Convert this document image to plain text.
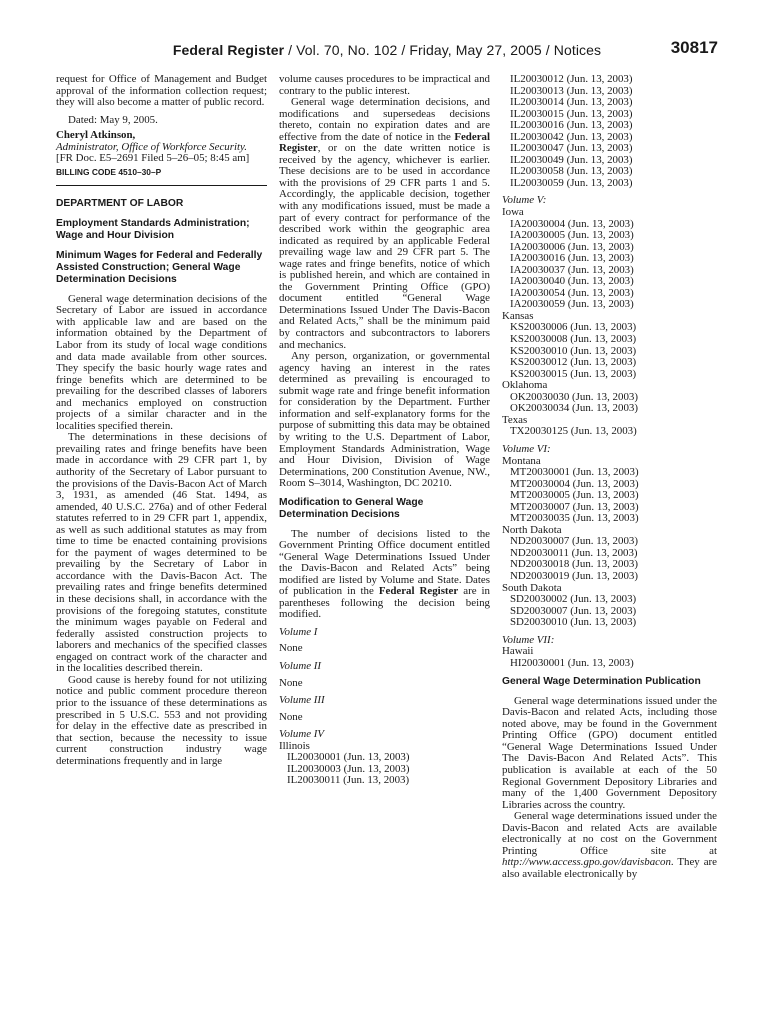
Federal Register / Vol. 70, No. 102 / Friday, May 27, 2005 / Notices	30817

request for Office of Management and Budget approval of the information collection request; they will also become a matter of public record.

Dated: May 9, 2005.

Cheryl Atkinson,

Administrator, Office of Workforce Security.

[FR Doc. E5–2691 Filed 5–26–05; 8:45 am]

BILLING CODE 4510–30–P

DEPARTMENT OF LABOR

Employment Standards Administration; Wage and Hour Division

Minimum Wages for Federal and Federally Assisted Construction; General Wage Determination Decisions

General wage determination decisions of the Secretary of Labor are issued in accordance with applicable law and are based on the information obtained by the Department of Labor from its study of local wage conditions and data made available from other sources. They specify the basic hourly wage rates and fringe benefits which are determined to be prevailing for the described classes of laborers and mechanics employed on construction projects of a similar character and in the localities specified therein.

The determinations in these decisions of prevailing rates and fringe benefits have been made in accordance with 29 CFR part 1, by authority of the Secretary of Labor pursuant to the provisions of the Davis-Bacon Act of March 3, 1931, as amended (46 Stat. 1494, as amended, 40 U.S.C. 276a) and of other Federal statutes referred to in 29 CFR part 1, appendix, as well as such additional statutes as may from time to time be enacted containing provisions for the payment of wages determined to be prevailing by the Secretary of Labor in accordance with the Davis-Bacon Act. The prevailing rates and fringe benefits determined in these decisions shall, in accordance with the provisions of the foregoing statutes, constitute the minimum wages payable on Federal and federally assisted construction projects to laborers and mechanics of the specified classes engaged on contract work of the character and in the localities described therein.

Good cause is hereby found for not utilizing notice and public comment procedure thereon prior to the issuance of these determinations as prescribed in 5 U.S.C. 553 and not providing for delay in the effective date as prescribed in that section, because the necessity to issue current construction industry wage determinations frequently and in large

volume causes procedures to be impractical and contrary to the public interest.

General wage determination decisions, and modifications and supersedeas decisions thereto, contain no expiration dates and are effective from the date of notice in the Federal Register, or on the date written notice is received by the agency, whichever is earlier. These decisions are to be used in accordance with the provisions of 29 CFR parts 1 and 5. Accordingly, the applicable decision, together with any modifications issued, must be made a part of every contract for performance of the described work within the geographic area indicated as required by an applicable Federal prevailing wage law and 29 CFR part 5. The wage rates and fringe benefits, notice of which is published herein, and which are contained in the Government Printing Office (GPO) document entitled “General Wage Determinations Issued Under The Davis-Bacon and Related Acts,” shall be the minimum paid by contractors and subcontractors to laborers and mechanics.

Any person, organization, or governmental agency having an interest in the rates determined as prevailing is encouraged to submit wage rate and fringe benefit information for consideration by the Department. Further information and self-explanatory forms for the purpose of submitting this data may be obtained by writing to the U.S. Department of Labor, Employment Standards Administration, Wage and Hour Division, Division of Wage Determinations, 200 Constitution Avenue, NW., Room S–3014, Washington, DC 20210.

Modification to General Wage Determination Decisions

The number of decisions listed to the Government Printing Office document entitled “General Wage Determinations Issued Under the Davis-Bacon and Related Acts” being modified are listed by Volume and State. Dates of publication in the Federal Register are in parentheses following the decision being modified.

Volume I

None

Volume II

None

Volume III

None

Volume IV

Illinois

IL20030001 (Jun. 13, 2003)

IL20030003 (Jun. 13, 2003)

IL20030011 (Jun. 13, 2003)

IL20030012 (Jun. 13, 2003)

IL20030013 (Jun. 13, 2003)

IL20030014 (Jun. 13, 2003)

IL20030015 (Jun. 13, 2003)

IL20030016 (Jun. 13, 2003)

IL20030042 (Jun. 13, 2003)

IL20030047 (Jun. 13, 2003)

IL20030049 (Jun. 13, 2003)

IL20030058 (Jun. 13, 2003)

IL20030059 (Jun. 13, 2003)

Volume V:

Iowa

IA20030004 (Jun. 13, 2003)

IA20030005 (Jun. 13, 2003)

IA20030006 (Jun. 13, 2003)

IA20030016 (Jun. 13, 2003)

IA20030037 (Jun. 13, 2003)

IA20030040 (Jun. 13, 2003)

IA20030054 (Jun. 13, 2003)

IA20030059 (Jun. 13, 2003)

Kansas

KS20030006 (Jun. 13, 2003)

KS20030008 (Jun. 13, 2003)

KS20030010 (Jun. 13, 2003)

KS20030012 (Jun. 13, 2003)

KS20030015 (Jun. 13, 2003)

Oklahoma

OK20030030 (Jun. 13, 2003)

OK20030034 (Jun. 13, 2003)

Texas

TX20030125 (Jun. 13, 2003)

Volume VI:

Montana

MT20030001 (Jun. 13, 2003)

MT20030004 (Jun. 13, 2003)

MT20030005 (Jun. 13, 2003)

MT20030007 (Jun. 13, 2003)

MT20030035 (Jun. 13, 2003)

North Dakota

ND20030007 (Jun. 13, 2003)

ND20030011 (Jun. 13, 2003)

ND20030018 (Jun. 13, 2003)

ND20030019 (Jun. 13, 2003)

South Dakota

SD20030002 (Jun. 13, 2003)

SD20030007 (Jun. 13, 2003)

SD20030010 (Jun. 13, 2003)

Volume VII:

Hawaii

HI20030001 (Jun. 13, 2003)

General Wage Determination Publication

General wage determinations issued under the Davis-Bacon and related Acts, including those noted above, may be found in the Government Printing Office (GPO) document entitled “General Wage Determinations Issued Under The Davis-Bacon And Related Acts”. This publication is available at each of the 50 Regional Government Depository Libraries and many of the 1,400 Government Depository Libraries across the country.

General wage determinations issued under the Davis-Bacon and related Acts are available electronically at no cost on the Government Printing Office site at http://www.access.gpo.gov/davisbacon. They are also available electronically by
